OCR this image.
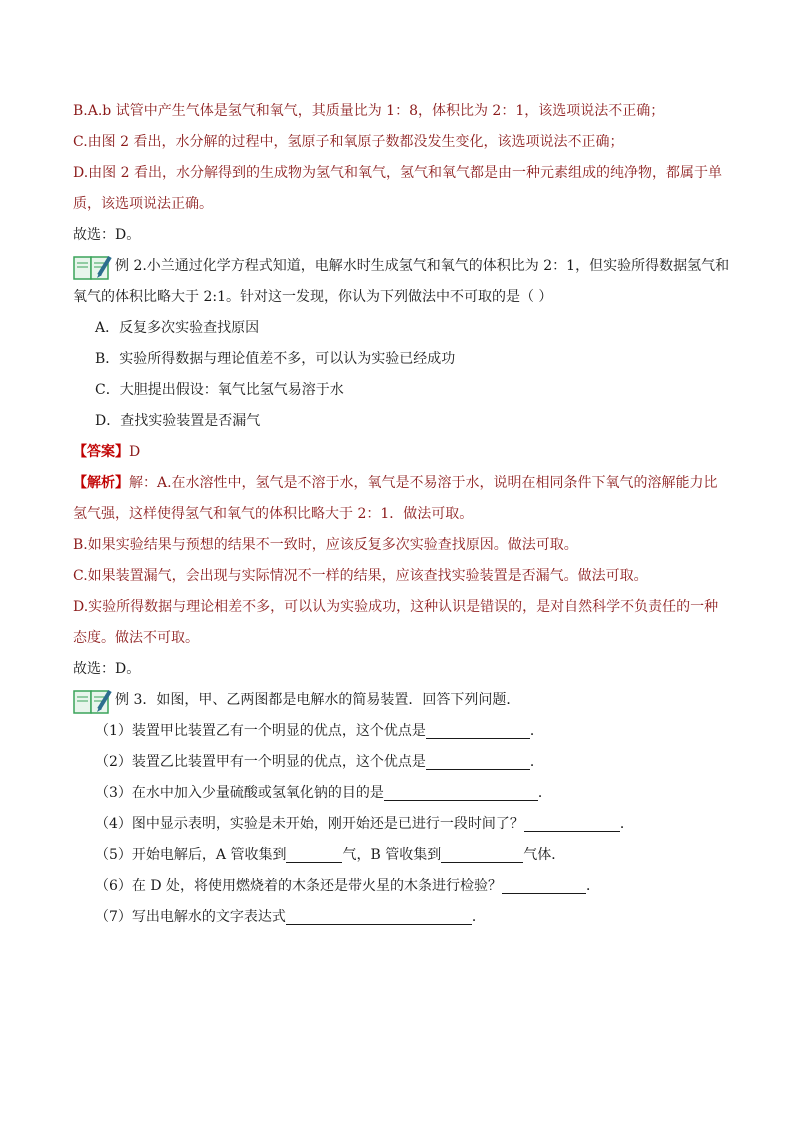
B.A.b 试管中产生气体是氢气和氧气，其质量比为 1：8，体积比为 2：1，该选项说法不正确；
C.由图 2 看出，水分解的过程中，氢原子和氧原子数都没发生变化，该选项说法不正确；
D.由图 2 看出，水分解得到的生成物为氢气和氧气，氢气和氧气都是由一种元素组成的纯净物，都属于单
质，该选项说法正确。
故选：D。
例 2.小兰通过化学方程式知道，电解水时生成氢气和氧气的体积比为 2：1，但实验所得数据氢气和
氧气的体积比略大于 2:1。针对这一发现，你认为下列做法中不可取的是（ ）
A．反复多次实验查找原因
B．实验所得数据与理论值差不多，可以认为实验已经成功
C．大胆提出假设：氧气比氢气易溶于水
D．查找实验装置是否漏气
【答案】D
【解析】解：A.在水溶性中，氢气是不溶于水，氧气是不易溶于水，说明在相同条件下氧气的溶解能力比
氢气强，这样使得氢气和氧气的体积比略大于 2：1．做法可取。
B.如果实验结果与预想的结果不一致时，应该反复多次实验查找原因。做法可取。
C.如果装置漏气，会出现与实际情况不一样的结果，应该查找实验装置是否漏气。做法可取。
D.实验所得数据与理论相差不多，可以认为实验成功，这种认识是错误的，是对自然科学不负责任的一种
态度。做法不可取。
故选：D。
例 3．如图，甲、乙两图都是电解水的简易装置．回答下列问题．
（1）装置甲比装置乙有一个明显的优点，这个优点是	．
（2）装置乙比装置甲有一个明显的优点，这个优点是	．
（3）在水中加入少量硫酸或氢氧化钠的目的是	．
（4）图中显示表明，实验是未开始，刚开始还是已进行一段时间了？	．
（5）开始电解后，A 管收集到	气，B 管收集到	气体．
（6）在 D 处，将使用燃烧着的木条还是带火星的木条进行检验？	．
（7）写出电解水的文字表达式	．
